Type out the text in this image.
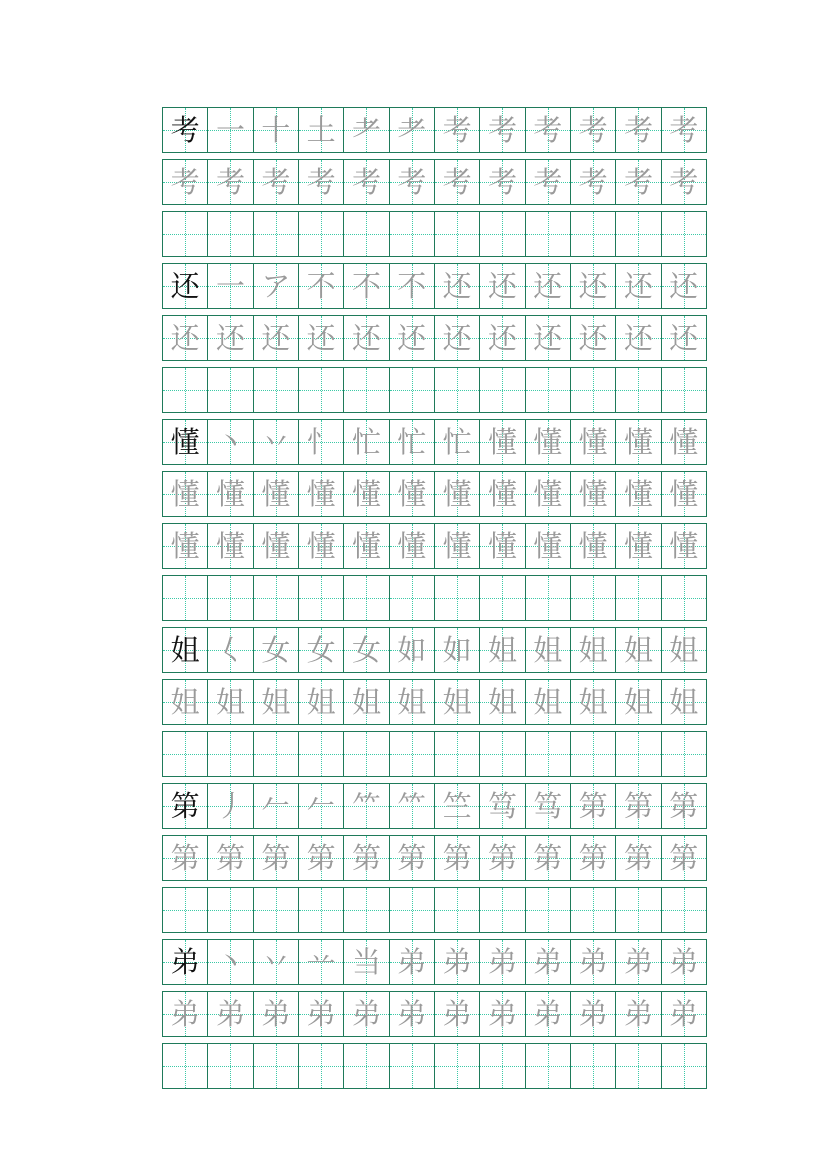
考 一 十 土 耂 耂 考 考 考 考 考 考
考 考 考 考 考 考 考 考 考 考 考 考
还 一 ア 不 不 不 还 还 还 还 还 还
还 还 还 还 还 还 还 还 还 还 还 还
懂 丶 丷 忄 忙 忙 忙 懂 懂 懂 懂 懂
懂 懂 懂 懂 懂 懂 懂 懂 懂 懂 懂 懂
懂 懂 懂 懂 懂 懂 懂 懂 懂 懂 懂 懂
姐 𡿨 女 女 女 如 如 姐 姐 姐 姐 姐
姐 姐 姐 姐 姐 姐 姐 姐 姐 姐 姐 姐
第 丿 𠂉 𠂉 ⺮ ⺮ 竺 笃 笃 第 第 第
第 第 第 第 第 第 第 第 第 第 第 第
弟 丶 丷 䒑 当 弟 弟 弟 弟 弟 弟 弟
弟 弟 弟 弟 弟 弟 弟 弟 弟 弟 弟 弟
